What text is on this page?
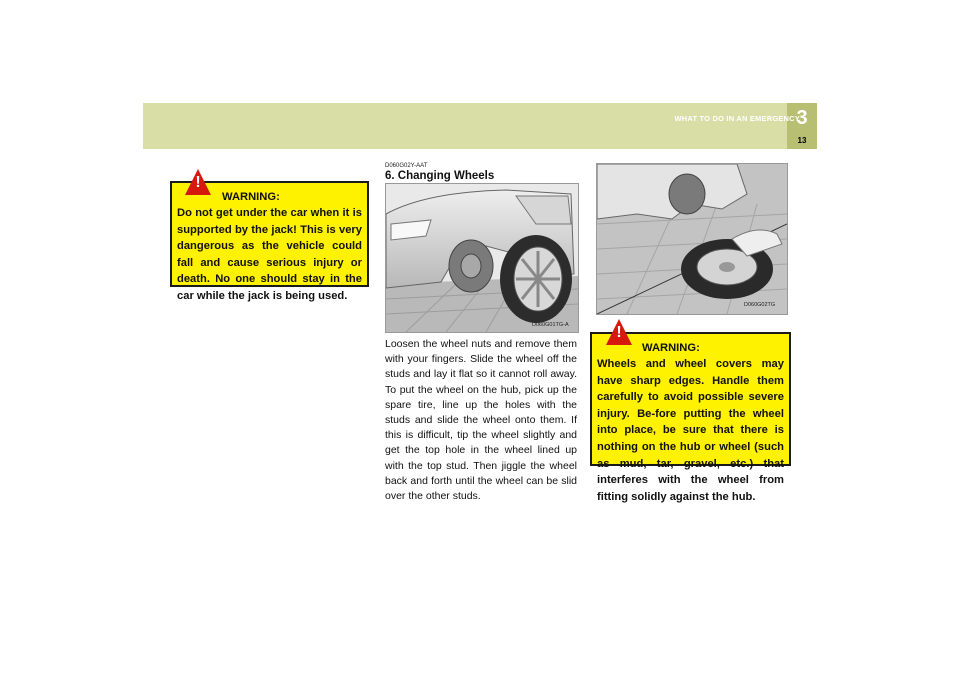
WHAT TO DO IN AN EMERGENCY
3
13
WARNING:
Do not get under the car when it is supported by the jack! This is very dangerous as the vehicle could fall and cause serious injury or death. No one should stay in the car while the jack is being used.
!
D060G02Y-AAT
6. Changing Wheels
D060G01TG-A
Loosen the wheel nuts and remove them with your fingers. Slide the wheel off the studs and lay it flat so it cannot roll away. To put the wheel on the hub, pick up the spare tire, line up the holes with the studs and slide the wheel onto them. If this is difficult, tip the wheel slightly and get the top hole in the wheel lined up with the top stud. Then jiggle the wheel back and forth until the wheel can be slid over the other studs.
D060G02TG
WARNING:
Wheels and wheel covers may have sharp edges. Handle them carefully to avoid possible severe injury. Be-fore putting the wheel into place, be sure that there is nothing on the hub or wheel (such as mud, tar, gravel, etc.) that interferes with the wheel from fitting solidly against the hub.
!
